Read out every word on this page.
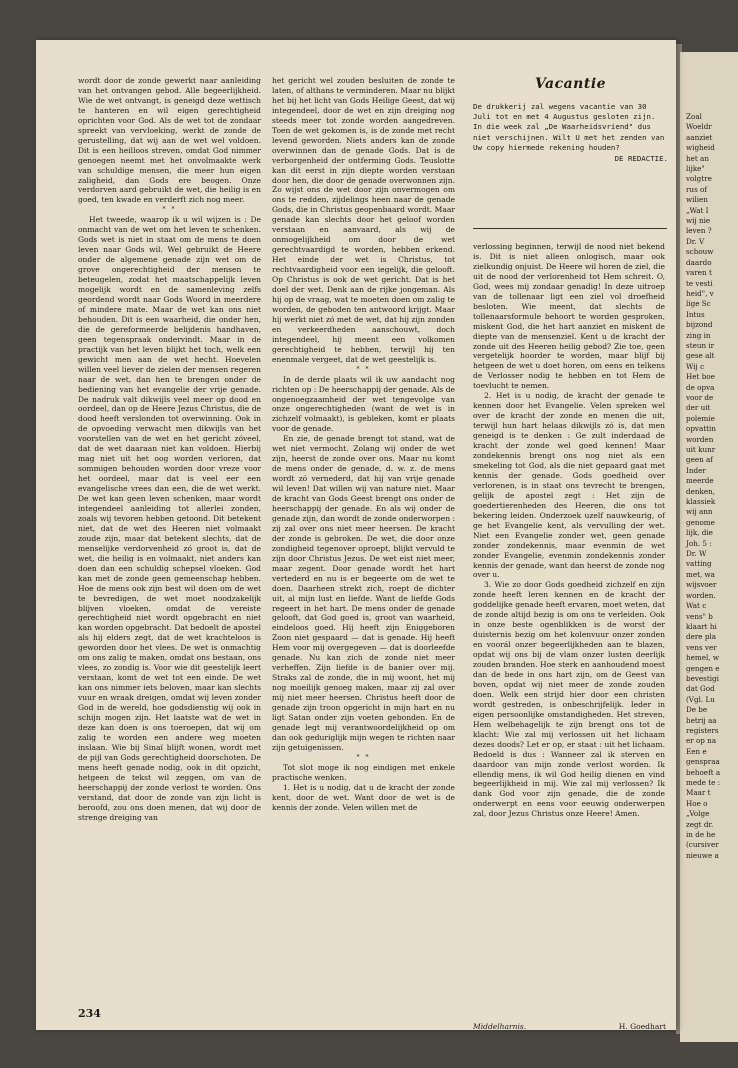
Zoal
Woeldr
aanziet
wigheid
het an
lijke"
volgtre
rus of
wilien
„Wat I
wij nie
leven ?
Dr. V
schouw
daardo
varen t
te vesti
heid", v
lige Sc
Intus
bijzond
zing in
steun ir
gese alt
Wij c
Het boe
de opva
voor de
der uit
polemie
opvattin
worden
uit kunr
geen af
Inder
meerde
denken,
klassiek
wij ann
genome
lijk, die
Joh. 5 :
Dr. W
vatting
met, wa
wijsvoer
worden.
Wat c
vens" b
klaart hi
dere pla
vens ver
hemel, w
gengen e
bevestigi
dat God
(Vgl. Lu
De be
hetrij aa
registers
er op na
Een e
genspraa
behoeft a
mede te :
Maar t
Hoe o
„Volge
zegt dr.
in de he
(cursiver
nieuwe a

wordt door de zonde gewerkt naar aanleiding van het ontvangen gebod. Alle begeerlijkheid. Wie de wet ontvangt, is geneigd deze wettisch te hanteren en wil eigen gerechtigheid oprichten voor God. Als de wet tot de zondaar spreekt van vervloeking, werkt de zonde de gerustelling, dat wij aan de wet wel voldoen. Dit is een heilloos streven, omdat God nimmer genoegen neemt met het onvolmaakte werk van schuldige mensen, die meer hun eigen zaligheid, dan Gods ere beogen. Onze verdorven aard gebruikt de wet, die heilig is en goed, ten kwade en verderft zich nog meer.

* *

Het tweede, waarop ik u wil wijzen is : De onmacht van de wet om het leven te schenken. Gods wet is niet in staat om de mens te doen leven naar Gods wil. Wel gebruikt de Heere onder de algemene genade zijn wet om de grove ongerechtigheid der mensen te beteugelen, zodat het maatschappelijk leven mogelijk wordt en de samenleving zelfs geordend wordt naar Gods Woord in meerdere of mindere mate. Maar de wet kan ons niet behouden. Dit is een waarheid, die onder hen, die de gereformeerde belijdenis handhaven, geen tegenspraak ondervindt. Maar in de practijk van het leven blijkt het toch, welk een gewicht men aan de wet hecht. Hoevelen willen veel liever de zielen der mensen regeren naar de wet, dan hen te brengen onder de bediening van het evangelie der vrije genade. De nadruk valt dikwijls veel meer op dood en oordeel, dan op de Heere Jezus Christus, die de dood heeft verslonden tot overwinning. Ook in de opvoeding verwacht men dikwijls van het voorstellen van de wet en het gericht zóveel, dat de wet daaraan niet kan voldoen. Hierbij mag niet uit het oog worden verloren, dat sommigen behouden worden door vreze voor het oordeel, maar dat is veel eer een evangelische vrees dan een, die de wet werkt. De wet kan geen leven schenken, maar wordt integendeel aanleiding tot allerlei zonden, zoals wij tevoren hebben getoond. Dit betekent niet, dat de wet des Heeren niet volmaakt zoude zijn, maar dat betekent slechts, dat de menselijke verdorvenheid zó groot is, dat de wet, die heilig is en volmaakt, niet anders kan doen dan een schuldig schepsel vloeken. God kan met de zonde geen gemeenschap hebben. Hoe de mens ook zijn best wil doen om de wet te bevredigen, de wet moet noodzakelijk blijven vloeken, omdat de vereiste gerechtigheid niet wordt opgebracht en niet kan worden opgebracht. Dat bedoelt de apostel als hij elders zegt, dat de wet krachteloos is geworden door het vlees. De wet is onmachtig om ons zalig te maken, omdat ons bestaan, ons vlees, zo zondig is. Voor wie dit geestelijk leert verstaan, komt de wet tot een einde. De wet kan ons nimmer iets beloven, maar kan slechts vuur en wraak dreigen, omdat wij leven zonder God in de wereld, hoe godsdienstig wij ook in schijn mogen zijn. Het laatste wat de wet in deze kan doen is ons toeroepen, dat wij om zalig te worden een andere weg moeten inslaan. Wie bij Sinaï blijft wonen, wordt met de pijl van Gods gerechtigheid doorschoten. De mens heeft genade nodig, ook in dit opzicht, hetgeen de tekst wil zeggen, om van de heerschappij der zonde verlost te worden. Ons verstand, dat door de zonde van zijn licht is beroofd, zou ons doen menen, dat wij door de strenge dreiging van

het gericht wel zouden besluiten de zonde te laten, of althans te verminderen. Maar nu blijkt het bij het licht van Gods Heilige Geest, dat wij integendeel, door de wet en zijn dreiging nog steeds meer tot zonde worden aangedreven. Toen de wet gekomen is, is de zonde met recht levend geworden. Niets anders kan de zonde overwinnen dan de genade Gods. Dat is de verborgenheid der ontferming Gods. Teuslotte kan dit eerst in zijn diepte worden verstaan door hen, die door de genade overwonnen zijn. Zo wijst ons de wet door zijn onvermogen om ons te redden, zijdelings heen naar de genade Gods, die in Christus geopenbaard wordt. Maar genade kan slechts door het geloof worden verstaan en aanvaard, als wij de onmogelijkheid om door de wet gerechtvaardigd te worden, hebben erkend. Het einde der wet is Christus, tot rechtvaardigheid voor een iegelijk, die gelooft. Op Christus is ook de wet gericht. Dat is het doel der wet. Denk aan de rijke jongeman. Als hij op de vraag, wat te moeten doen om zalig te worden, de geboden ten antwoord krijgt. Maar hij werkt niet zó met de wet, dat hij zijn zonden en verkeerdheden aanschouwt, doch integendeel, hij meent een volkomen gerechtigheid te hebben, terwijl hij ten enenmale vergeet, dat de wet geestelijk is.

* *

In de derde plaats wil ik uw aandacht nog richten op : De heerschappij der genade. Als de ongenoegzaamheid der wet tengevolge van onze ongerechtigheden (want de wet is in zichzelf volmaakt), is gebleken, komt er plaats voor de genade.

En zie, de genade brengt tot stand, wat de wet niet vermocht. Zolang wij onder de wet zijn, heerst de zonde over ons. Maar nu komt de mens onder de genade, d. w. z. de mens wordt zó vernederd, dat hij van vrije genade wil leven! Dat willen wij van nature niet. Maar de kracht van Gods Geest brengt ons onder de heerschappij der genade. En als wij onder de genade zijn, dan wordt de zonde onderworpen : zij zal over ons niet meer heersen. De kracht der zonde is gebroken. De wet, die door onze zondigheid tegenover oproept, blijkt vervuld te zijn door Christus Jezus. De wet eist niet meer, maar zegent. Door genade wordt het hart vertederd en nu is er begeerte om de wet te doen. Daarheen strekt zich, roept de dichter uit, al mijn lust en liefde. Want de liefde Gods regeert in het hart. De mens onder de genade gelooft, dat God goed is, groot van waarheid, eindeloos goed. Hij heeft zijn Eniggeboren Zoon niet gespaard — dat is genade. Hij heeft Hem voor mij overgegeven — dat is doorleefde genade. Nu kan zich de zonde niet meer verheffen. Zijn liefde is de banier over mij. Straks zal de zonde, die in mij woont, het mij nog moeilijk genoeg maken, maar zij zal over mij niet meer heersen. Christus heeft door de genade zijn troon opgericht in mijn hart en nu ligt Satan onder zijn voeten gebonden. En de genade legt mij verantwoordelijkheid op om dan ook geduriglijk mijn wegen te richten naar zijn getuigenissen.

* *

Tot slot moge ik nog eindigen met enkele practische wenken.

1. Het is u nodig, dat u de kracht der zonde kent, door de wet. Want door de wet is de kennis der zonde. Velen willen met de

Vacantie
De drukkerij zal wegens vacantie van 30 Juli tot en met 4 Augustus gesloten zijn. In die week zal „De Waarheidsvriend" dus niet verschijnen. Wilt U met het zenden van Uw copy hiermede rekening houden?
DE REDACTIE.

verlossing beginnen, terwijl de nood niet bekend is. Dit is niet alleen onlogisch, maar ook zielkundig onjuist. De Heere wil horen de ziel, die uit de nood der verlorenheid tot Hem schreit. O, God, wees mij zondaar genadig! In deze uitroep van de tollenaar ligt een ziel vol droefheid besloten. Wie meent, dat slechts de tollenaarsformule behoort te worden gesproken, miskent God, die het hart aanziet en miskent de diepte van de mensenziel. Kent u de kracht der zonde uit des Heeren heilig gebod? Zie toe, geen vergetelijk hoorder te worden, maar blijf bij hetgeen de wet u doet horen, om eens en telkens de Verlosser nodig te hebben en tot Hem de toevlucht te nemen.

2. Het is u nodig, de kracht der genade te kennen door het Evangelie. Velen spreken wel over de kracht der zonde en menen die uit, terwijl hun hart helaas dikwijls zó is, dat men geneigd is te denken : Ge zult inderdaad de kracht der zonde wel goed kennen! Maar zondekennis brengt ons nog niet als een smekeling tot God, als die niet gepaard gaat met kennis der genade. Gods goedheid over verlorenen, is in staat ons tevrecht te brengen, gelijk de apostel zegt : Het zijn de goedertierenheden des Heeren, die ons tot bekering leiden. Onderzoek uzelf nauwkeurig, of ge het Evangelie kent, als vervulling der wet. Niet een Evangelie zonder wet, geen genade zonder zondekennis, maar evenmin de wet zonder Evangelie, evenmin zondekennis zonder kennis der genade, want dan heerst de zonde nog over u.

3. Wie zo door Gods goedheid zichzelf en zijn zonde heeft leren kennen en de kracht der goddelijke genade heeft ervaren, moet weten, dat de zonde altijd bezig is om ons te verleiden. Ook in onze beste ogenblikken is de worst der duisternis bezig om het kolenvuur onzer zonden en voorál onzer begeerlijkheden aan te blazen, opdat wij ons bij de vlam onzer lusten deerlijk zouden branden. Hoe sterk en aanhoudend moest dan de bede in ons hart zijn, om de Geest van boven, opdat wij niet meer de zonde zouden doen. Welk een strijd hier door een christen wordt gestreden, is onbeschrijfelijk. Ieder in eigen persoonlijke omstandigheden. Het streven, Hem welbehagelijk te zijn brengt ons tot de klacht: Wie zal mij verlossen uit het lichaam dezes doods? Let er op, er staat : uit het lichaam. Bedoeld is dus : Wanneer zal ik sterven en daardoor van mijn zonde verlost worden. Ik ellendig mens, ik wil God heilig dienen en vind begeerlijkheid in mij. Wie zal mij verlossen? Ik dank God voor zijn genade, die de zonde onderwerpt en eens voor eeuwig onderwerpen zal, door Jezus Christus onze Heere! Amen.

234
Middelharnis.	H. Goedhart
